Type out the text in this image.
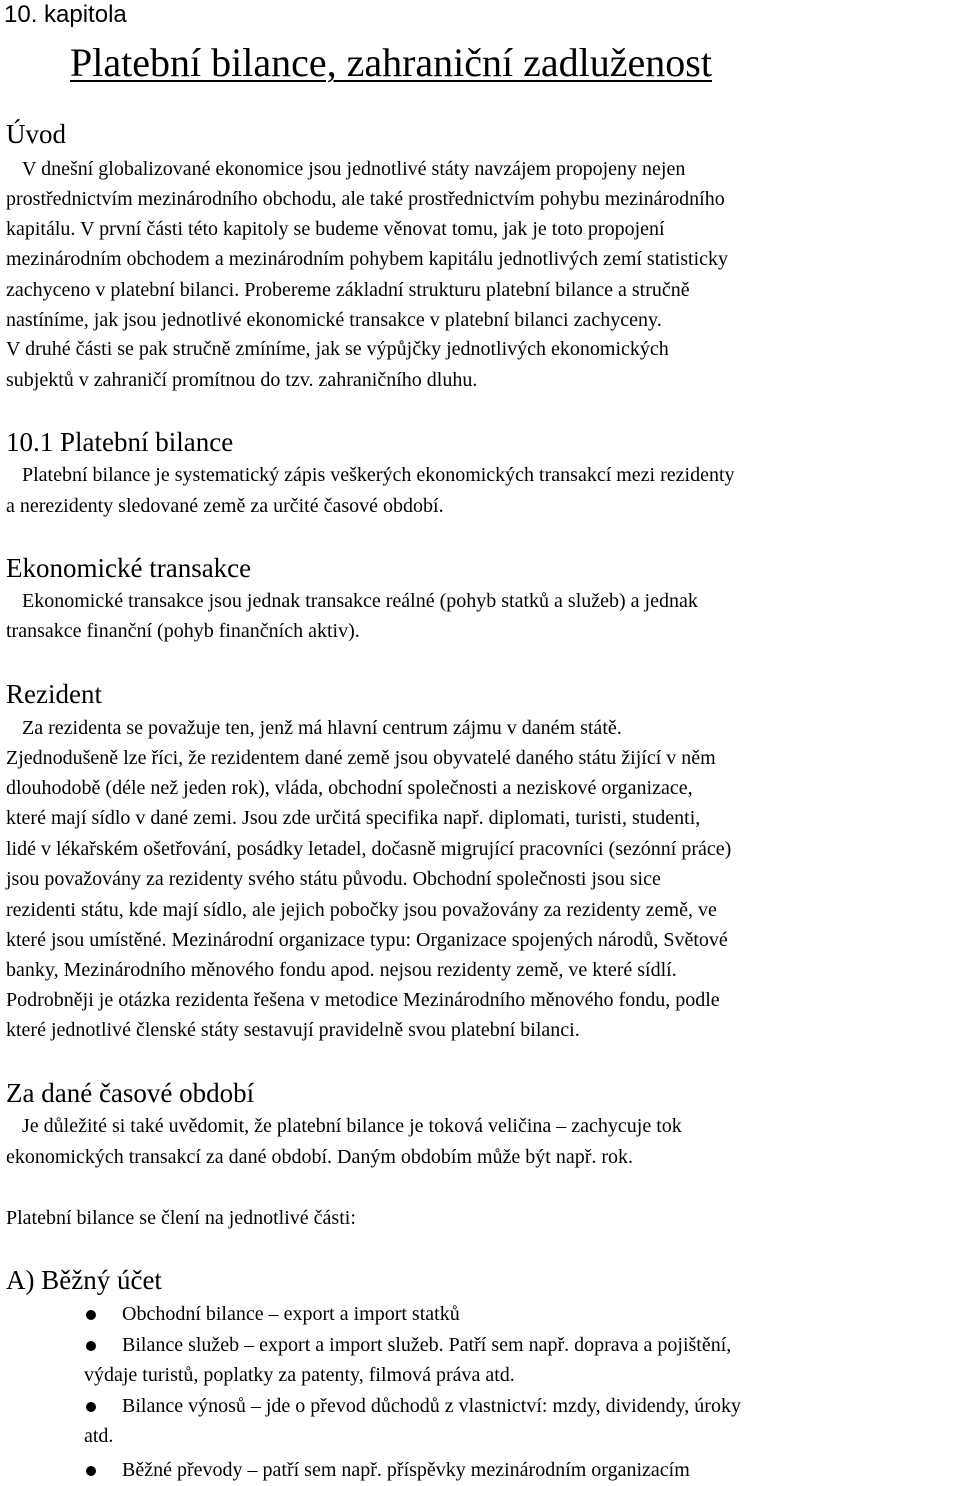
10. kapitola
Platební bilance, zahraniční zadluženost
Úvod
V dnešní globalizované ekonomice jsou jednotlivé státy navzájem propojeny nejen
prostřednictvím mezinárodního obchodu, ale také prostřednictvím pohybu mezinárodního
kapitálu. V první části této kapitoly se budeme věnovat tomu, jak je toto propojení
mezinárodním obchodem a mezinárodním pohybem kapitálu jednotlivých zemí statisticky
zachyceno v platební bilanci. Probereme základní strukturu platební bilance a stručně
nastíníme, jak jsou jednotlivé ekonomické transakce v platební bilanci zachyceny.
V druhé části se pak stručně zmíníme, jak se výpůjčky jednotlivých ekonomických
subjektů v zahraničí promítnou do tzv. zahraničního dluhu.
10.1 Platební bilance
Platební bilance je systematický zápis veškerých ekonomických transakcí mezi rezidenty
a nerezidenty sledované země za určité časové období.
Ekonomické transakce
Ekonomické transakce jsou jednak transakce reálné (pohyb statků a služeb) a jednak
transakce finanční (pohyb finančních aktiv).
Rezident
Za rezidenta se považuje ten, jenž má hlavní centrum zájmu v daném státě.
Zjednodušeně lze říci, že rezidentem dané země jsou obyvatelé daného státu žijící v něm
dlouhodobě (déle než jeden rok), vláda, obchodní společnosti a neziskové organizace,
které mají sídlo v dané zemi. Jsou zde určitá specifika např. diplomati, turisti, studenti,
lidé v lékařském ošetřování, posádky letadel, dočasně migrující pracovníci (sezónní práce)
jsou považovány za rezidenty svého státu původu. Obchodní společnosti jsou sice
rezidenti státu, kde mají sídlo, ale jejich pobočky jsou považovány za rezidenty země, ve
které jsou umístěné. Mezinárodní organizace typu: Organizace spojených národů, Světové
banky, Mezinárodního měnového fondu apod. nejsou rezidenty země, ve které sídlí.
Podrobněji je otázka rezidenta řešena v metodice Mezinárodního měnového fondu, podle
které jednotlivé členské státy sestavují pravidelně svou platební bilanci.
Za dané časové období
Je důležité si také uvědomit, že platební bilance je toková veličina – zachycuje tok
ekonomických transakcí za dané období. Daným obdobím může být např. rok.
Platební bilance se člení na jednotlivé části:
A) Běžný účet
Obchodní bilance – export a import statků
Bilance služeb – export a import služeb. Patří sem např. doprava a pojištění,
výdaje turistů, poplatky za patenty, filmová práva atd.
Bilance výnosů – jde o převod důchodů z vlastnictví: mzdy, dividendy, úroky
atd.
Běžné převody – patří sem např. příspěvky mezinárodním organizacím
